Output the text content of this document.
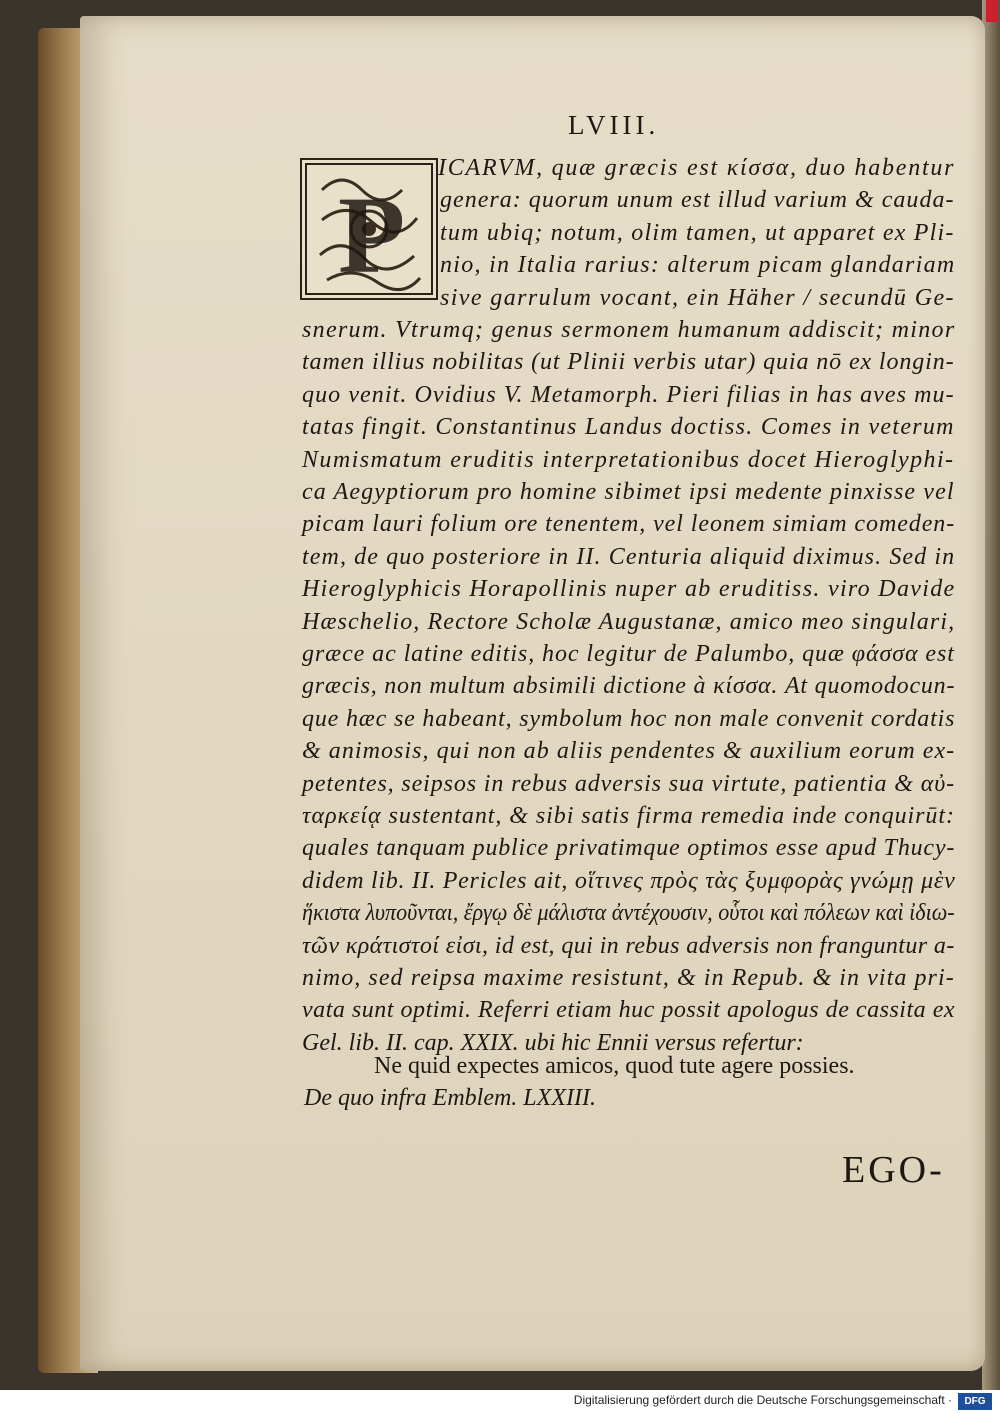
LVIII.
P
ICARVM, quæ græcis est κίσσα, duo habentur
genera: quorum unum est illud varium & cauda-
tum ubiq; notum, olim tamen, ut apparet ex Pli-
nio, in Italia rarius: alterum picam glandariam
sive garrulum vocant, ein Häher / secundū Ge-
snerum. Vtrumq; genus sermonem humanum addiscit; minor
tamen illius nobilitas (ut Plinii verbis utar) quia nō ex longin-
quo venit. Ovidius V. Metamorph. Pieri filias in has aves mu-
tatas fingit. Constantinus Landus doctiss. Comes in veterum
Numismatum eruditis interpretationibus docet Hieroglyphi-
ca Aegyptiorum pro homine sibimet ipsi medente pinxisse vel
picam lauri folium ore tenentem, vel leonem simiam comeden-
tem, de quo posteriore in II. Centuria aliquid diximus. Sed in
Hieroglyphicis Horapollinis nuper ab eruditiss. viro Davide
Hæschelio, Rectore Scholæ Augustanæ, amico meo singulari,
græce ac latine editis, hoc legitur de Palumbo, quæ φάσσα est
græcis, non multum absimili dictione à κίσσα. At quomodocun-
que hæc se habeant, symbolum hoc non male convenit cordatis
& animosis, qui non ab aliis pendentes & auxilium eorum ex-
petentes, seipsos in rebus adversis sua virtute, patientia & αὐ-
ταρκείᾳ sustentant, & sibi satis firma remedia inde conquirūt:
quales tanquam publice privatimque optimos esse apud Thucy-
didem lib. II. Pericles ait, οἵτινες πρὸς τὰς ξυμφορὰς γνώμῃ μὲν
ἥκιστα λυποῦνται, ἔργῳ δὲ μάλιστα ἀντέχουσιν, οὗτοι καὶ πόλεων καὶ ἰδιω-
τῶν κράτιστοί εἰσι, id est, qui in rebus adversis non franguntur a-
nimo, sed reipsa maxime resistunt, & in Repub. & in vita pri-
vata sunt optimi. Referri etiam huc possit apologus de cassita ex
Gel. lib. II. cap. XXIX. ubi hic Ennii versus refertur:
Ne quid expectes amicos, quod tute agere possies.
De quo infra Emblem. LXXIII.
EGO-
Digitalisierung gefördert durch die Deutsche Forschungsgemeinschaft ·	DFG
